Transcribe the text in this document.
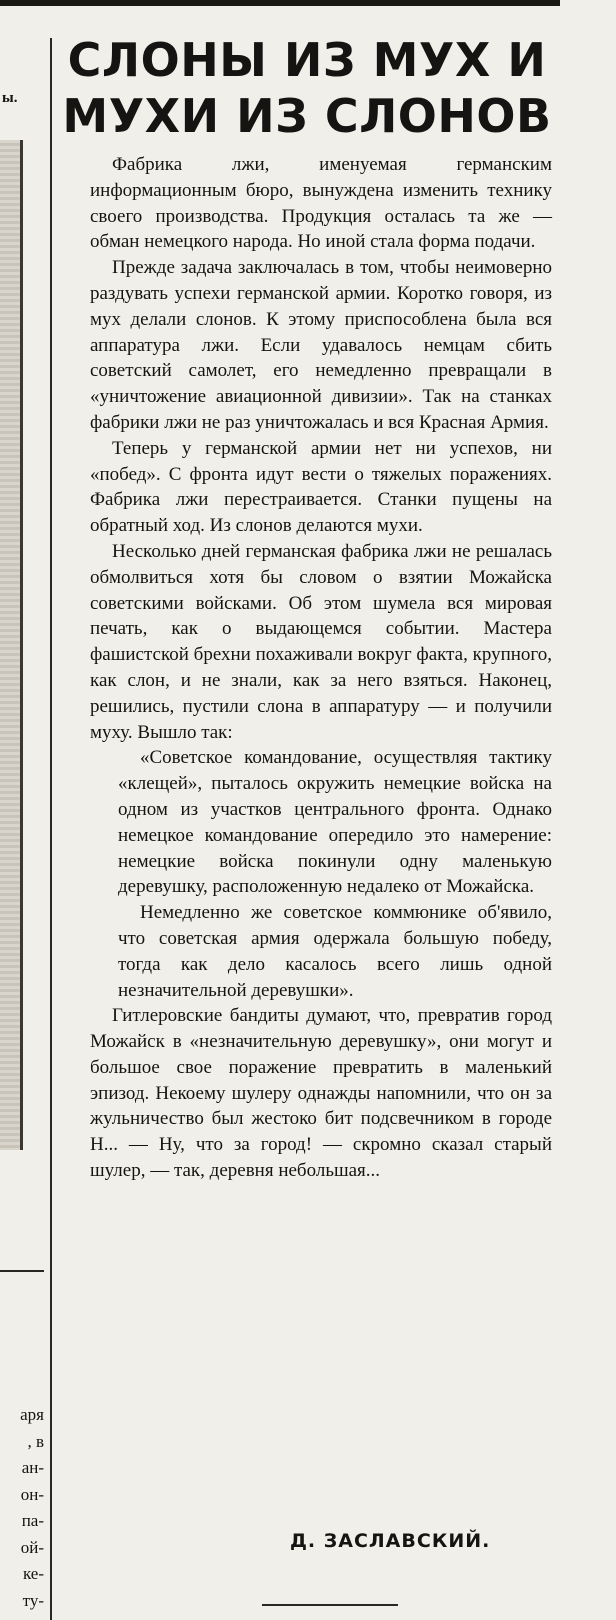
ы.
аря
, в
ан-
он-
па-
ой-
ке-
ту-
СЛОНЫ ИЗ МУХ И
МУХИ ИЗ СЛОНОВ

Фабрика лжи, именуемая германским информационным бюро, вынуждена изменить технику своего производства. Продукция осталась та же — обман немецкого народа. Но иной стала форма подачи.

Прежде задача заключалась в том, чтобы неимоверно раздувать успехи германской армии. Коротко говоря, из мух делали слонов. К этому приспособлена была вся аппаратура лжи. Если удавалось немцам сбить советский самолет, его немедленно превращали в «уничтожение авиационной дивизии». Так на станках фабрики лжи не раз уничтожалась и вся Красная Армия.

Теперь у германской армии нет ни успехов, ни «побед». С фронта идут вести о тяжелых поражениях. Фабрика лжи перестраивается. Станки пущены на обратный ход. Из слонов делаются мухи.

Несколько дней германская фабрика лжи не решалась обмолвиться хотя бы словом о взятии Можайска советскими войсками. Об этом шумела вся мировая печать, как о выдающемся событии. Мастера фашистской брехни похаживали вокруг факта, крупного, как слон, и не знали, как за него взяться. Наконец, решились, пустили слона в аппаратуру — и получили муху. Вышло так:

«Советское командование, осуществляя тактику «клещей», пыталось окружить немецкие войска на одном из участков центрального фронта. Однако немецкое командование опередило это намерение: немецкие войска покинули одну маленькую деревушку, расположенную недалеко от Можайска.

Немедленно же советское коммюнике об'явило, что советская армия одержала большую победу, тогда как дело касалось всего лишь одной незначительной деревушки».

Гитлеровские бандиты думают, что, превратив город Можайск в «незначительную деревушку», они могут и большое свое поражение превратить в маленький эпизод. Некоему шулеру однажды напомнили, что он за жульничество был жестоко бит подсвечником в городе Н... — Ну, что за город! — скромно сказал старый шулер, — так, деревня небольшая...

Д. ЗАСЛАВСКИЙ.
